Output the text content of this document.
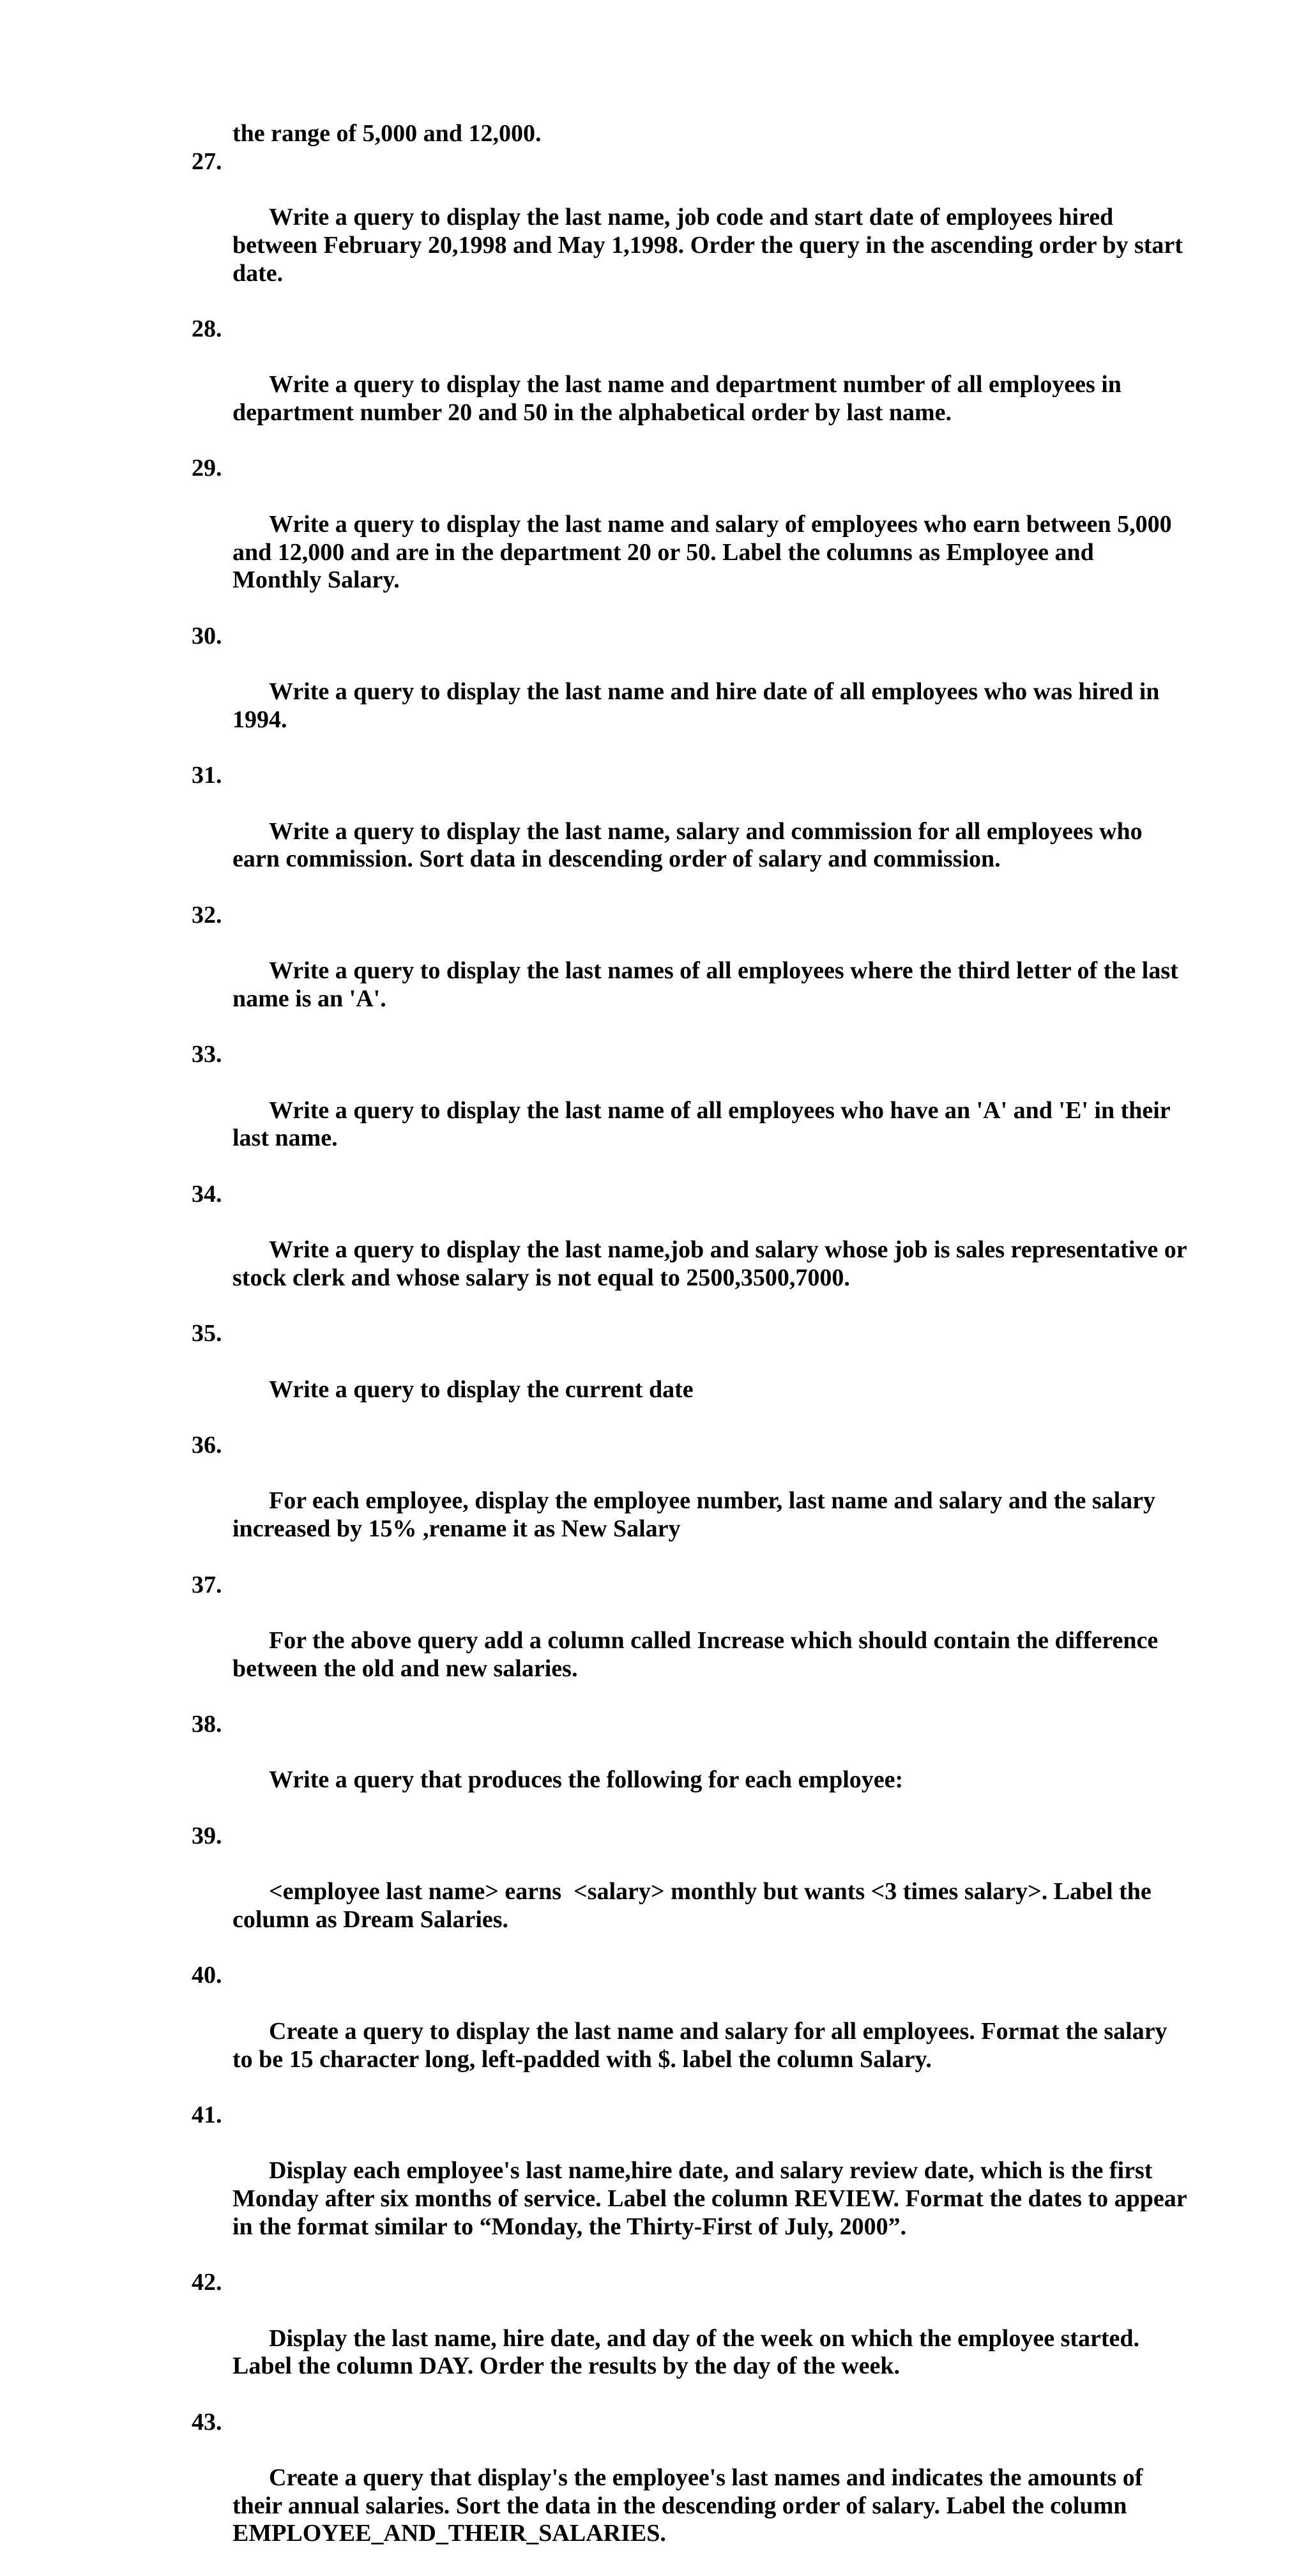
the range of 5,000 and 12,000.

27.

Write a query to display the last name, job code and start date of employees hired between February 20,1998 and May 1,1998. Order the query in the ascending order by start date.

28.

Write a query to display the last name and department number of all employees in department number 20 and 50 in the alphabetical order by last name.

29.

Write a query to display the last name and salary of employees who earn between 5,000 and 12,000 and are in the department 20 or 50. Label the columns as Employee and Monthly Salary.

30.

Write a query to display the last name and hire date of all employees who was hired in 1994.

31.

Write a query to display the last name, salary and commission for all employees who earn commission. Sort data in descending order of salary and commission.

32.

Write a query to display the last names of all employees where the third letter of the last name is an 'A'.

33.

Write a query to display the last name of all employees who have an 'A' and 'E' in their last name.

34.

Write a query to display the last name,job and salary whose job is sales representative or stock clerk and whose salary is not equal to 2500,3500,7000.

35.

Write a query to display the current date

36.

For each employee, display the employee number, last name and salary and the salary increased by 15% ,rename it as New Salary

37.

For the above query add a column called Increase which should contain the difference between the old and new salaries.

38.

Write a query that produces the following for each employee:

39.

<employee last name> earns  <salary> monthly but wants <3 times salary>. Label the column as Dream Salaries.

40.

Create a query to display the last name and salary for all employees. Format the salary to be 15 character long, left-padded with $. label the column Salary.

41.

Display each employee's last name,hire date, and salary review date, which is the first Monday after six months of service. Label the column REVIEW. Format the dates to appear in the format similar to “Monday, the Thirty-First of July, 2000”.

42.

Display the last name, hire date, and day of the week on which the employee started. Label the column DAY. Order the results by the day of the week.

43.

Create a query that display's the employee's last names and indicates the amounts of their annual salaries. Sort the data in the descending order of salary. Label the column EMPLOYEE_AND_THEIR_SALARIES.
